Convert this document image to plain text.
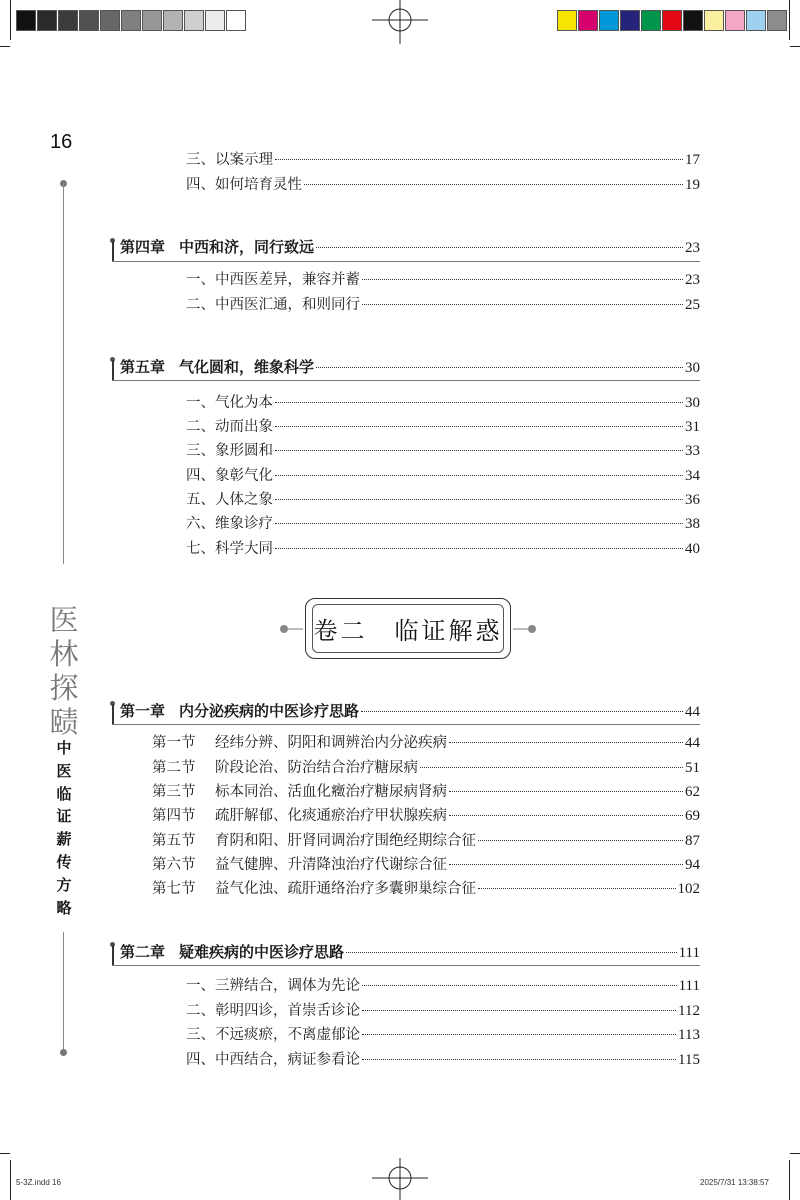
16
医
林
探
赜
中
医
临
证
薪
传
方
略
三、以案示理	17
四、如何培育灵性	19
第四章 中西和济，同行致远	23
一、中西医差异，兼容并蓄	23
二、中西医汇通，和则同行	25
第五章 气化圆和，维象科学	30
一、气化为本	30
二、动而出象	31
三、象形圆和	33
四、象彰气化	34
五、人体之象	36
六、维象诊疗	38
七、科学大同	40
卷二　临证解惑
第一章 内分泌疾病的中医诊疗思路	44
第一节 经纬分辨、阴阳和调辨治内分泌疾病	44
第二节 阶段论治、防治结合治疗糖尿病	51
第三节 标本同治、活血化癥治疗糖尿病肾病	62
第四节 疏肝解郁、化痰通瘀治疗甲状腺疾病	69
第五节 育阴和阳、肝肾同调治疗围绝经期综合征	87
第六节 益气健脾、升清降浊治疗代谢综合征	94
第七节 益气化浊、疏肝通络治疗多囊卵巢综合征	102
第二章 疑难疾病的中医诊疗思路	111
一、三辨结合，调体为先论	111
二、彰明四诊，首崇舌诊论	112
三、不远痰瘀，不离虚郁论	113
四、中西结合，病证参看论	115
5-3Z.indd 16	2025/7/31 13:38:57
